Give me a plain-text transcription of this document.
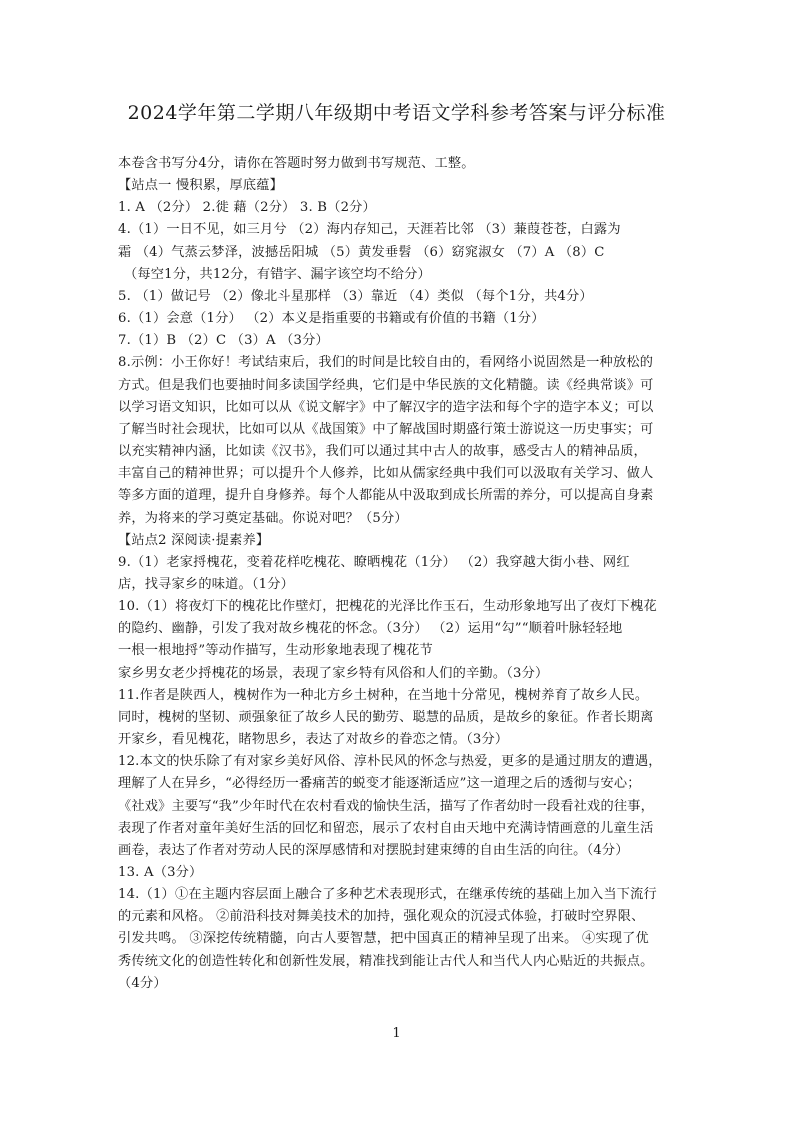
2024学年第二学期八年级期中考语文学科参考答案与评分标准

本卷含书写分4分，请你在答题时努力做到书写规范、工整。

【站点一 慢积累，厚底蕴】

1. A （2分） 2.徙 藉（2分） 3. B（2分）

4.（1）一日不见，如三月兮 （2）海内存知己，天涯若比邻 （3）蒹葭苍苍，白露为

霜 （4）气蒸云梦泽，波撼岳阳城 （5）黄发垂髫 （6）窈窕淑女 （7）A （8）C

（每空1分，共12分，有错字、漏字该空均不给分）

5. （1）做记号 （2）像北斗星那样 （3）靠近 （4）类似 （每个1分，共4分）

6.（1）会意（1分） （2）本义是指重要的书籍或有价值的书籍（1分）

7.（1）B （2）C （3）A （3分）

8.示例：小王你好！考试结束后，我们的时间是比较自由的，看网络小说固然是一种放松的

方式。但是我们也要抽时间多读国学经典，它们是中华民族的文化精髓。读《经典常谈》可

以学习语文知识，比如可以从《说文解字》中了解汉字的造字法和每个字的造字本义；可以

了解当时社会现状，比如可以从《战国策》中了解战国时期盛行策士游说这一历史事实；可

以充实精神内涵，比如读《汉书》，我们可以通过其中古人的故事，感受古人的精神品质，

丰富自己的精神世界；可以提升个人修养，比如从儒家经典中我们可以汲取有关学习、做人

等多方面的道理，提升自身修养。每个人都能从中汲取到成长所需的养分，可以提高自身素

养，为将来的学习奠定基础。你说对吧？（5分）

【站点2 深阅读·提素养】

9.（1）老家捋槐花，变着花样吃槐花、瞭晒槐花（1分） （2）我穿越大街小巷、网红

店，找寻家乡的味道。（1分）

10.（1）将夜灯下的槐花比作壁灯，把槐花的光泽比作玉石，生动形象地写出了夜灯下槐花

的隐约、幽静，引发了我对故乡槐花的怀念。（3分） （2）运用“勾”“顺着叶脉轻轻地

一根一根地捋”等动作描写，生动形象地表现了槐花节

家乡男女老少捋槐花的场景，表现了家乡特有风俗和人们的辛勤。（3分）

11.作者是陕西人，槐树作为一种北方乡土树种，在当地十分常见，槐树养育了故乡人民。

同时，槐树的坚韧、顽强象征了故乡人民的勤劳、聪慧的品质，是故乡的象征。作者长期离

开家乡，看见槐花，睹物思乡，表达了对故乡的眷恋之情。（3分）

12.本文的快乐除了有对家乡美好风俗、淳朴民风的怀念与热爱，更多的是通过朋友的遭遇，

理解了人在异乡，“必得经历一番痛苦的蜕变才能逐渐适应”这一道理之后的透彻与安心；

《社戏》主要写“我”少年时代在农村看戏的愉快生活，描写了作者幼时一段看社戏的往事，

表现了作者对童年美好生活的回忆和留恋，展示了农村自由天地中充满诗情画意的儿童生活

画卷，表达了作者对劳动人民的深厚感情和对摆脱封建束缚的自由生活的向往。（4分）

13. A（3分）

14.（1）①在主题内容层面上融合了多种艺术表现形式，在继承传统的基础上加入当下流行

的元素和风格。 ②前沿科技对舞美技术的加持，强化观众的沉浸式体验，打破时空界限、

引发共鸣。 ③深挖传统精髓，向古人要智慧，把中国真正的精神呈现了出来。 ④实现了优

秀传统文化的创造性转化和创新性发展，精准找到能让古代人和当代人内心贴近的共振点。

（4分）

1
